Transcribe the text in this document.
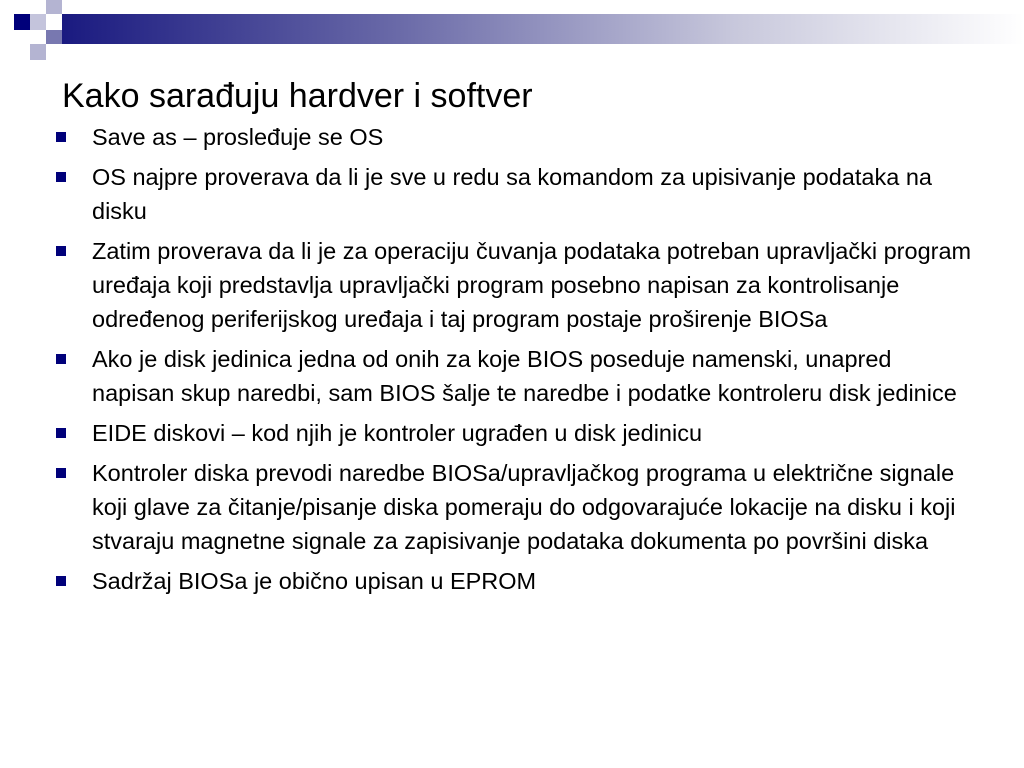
Kako sarađuju hardver i softver
Save as – prosleđuje se OS
OS najpre proverava da li je sve u redu sa komandom za upisivanje podataka na disku
Zatim proverava da li je za operaciju čuvanja podataka potreban upravljački program uređaja koji predstavlja upravljački program posebno napisan za kontrolisanje određenog periferijskog uređaja i taj program postaje proširenje BIOSa
Ako je disk jedinica jedna od onih za koje BIOS poseduje namenski, unapred napisan skup naredbi, sam BIOS šalje te naredbe i podatke kontroleru disk jedinice
EIDE diskovi – kod njih je kontroler ugrađen u disk jedinicu
Kontroler diska prevodi naredbe BIOSa/upravljačkog programa u električne signale koji glave za čitanje/pisanje diska pomeraju do odgovarajuće lokacije na disku i koji stvaraju magnetne signale za zapisivanje podataka dokumenta po površini diska
Sadržaj BIOSa je obično upisan u EPROM
